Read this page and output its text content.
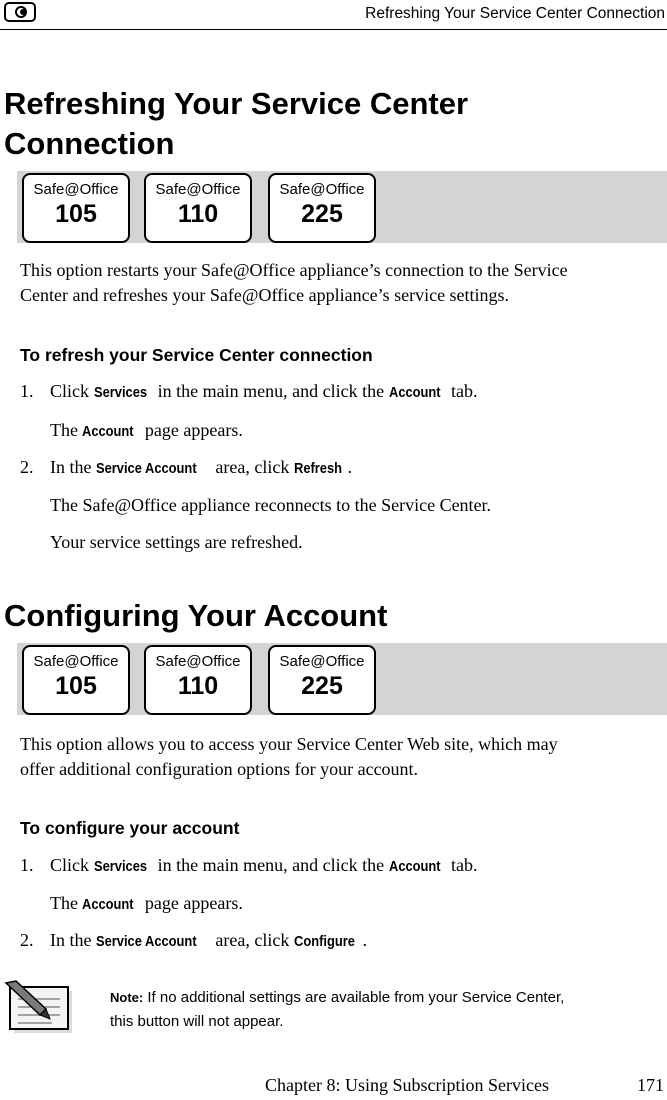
Refreshing Your Service Center Connection
Refreshing Your Service Center
Connection
Safe@Office
105
Safe@Office
110
Safe@Office
225

This option restarts your Safe@Office appliance’s connection to the Service
Center and refreshes your Safe@Office appliance’s service settings.

To refresh your Service Center connection
1. Click Services in the main menu, and click the Account tab.
The Account page appears.
2. In the Service Account area, click Refresh .
The Safe@Office appliance reconnects to the Service Center.
Your service settings are refreshed.
Configuring Your Account
Safe@Office
105
Safe@Office
110
Safe@Office
225

This option allows you to access your Service Center Web site, which may
offer additional configuration options for your account.

To configure your account
1. Click Services in the main menu, and click the Account tab.
The Account page appears.
2. In the Service Account area, click Configure .
Note: If no additional settings are available from your Service Center,
this button will not appear.
Chapter 8: Using Subscription Services	171
